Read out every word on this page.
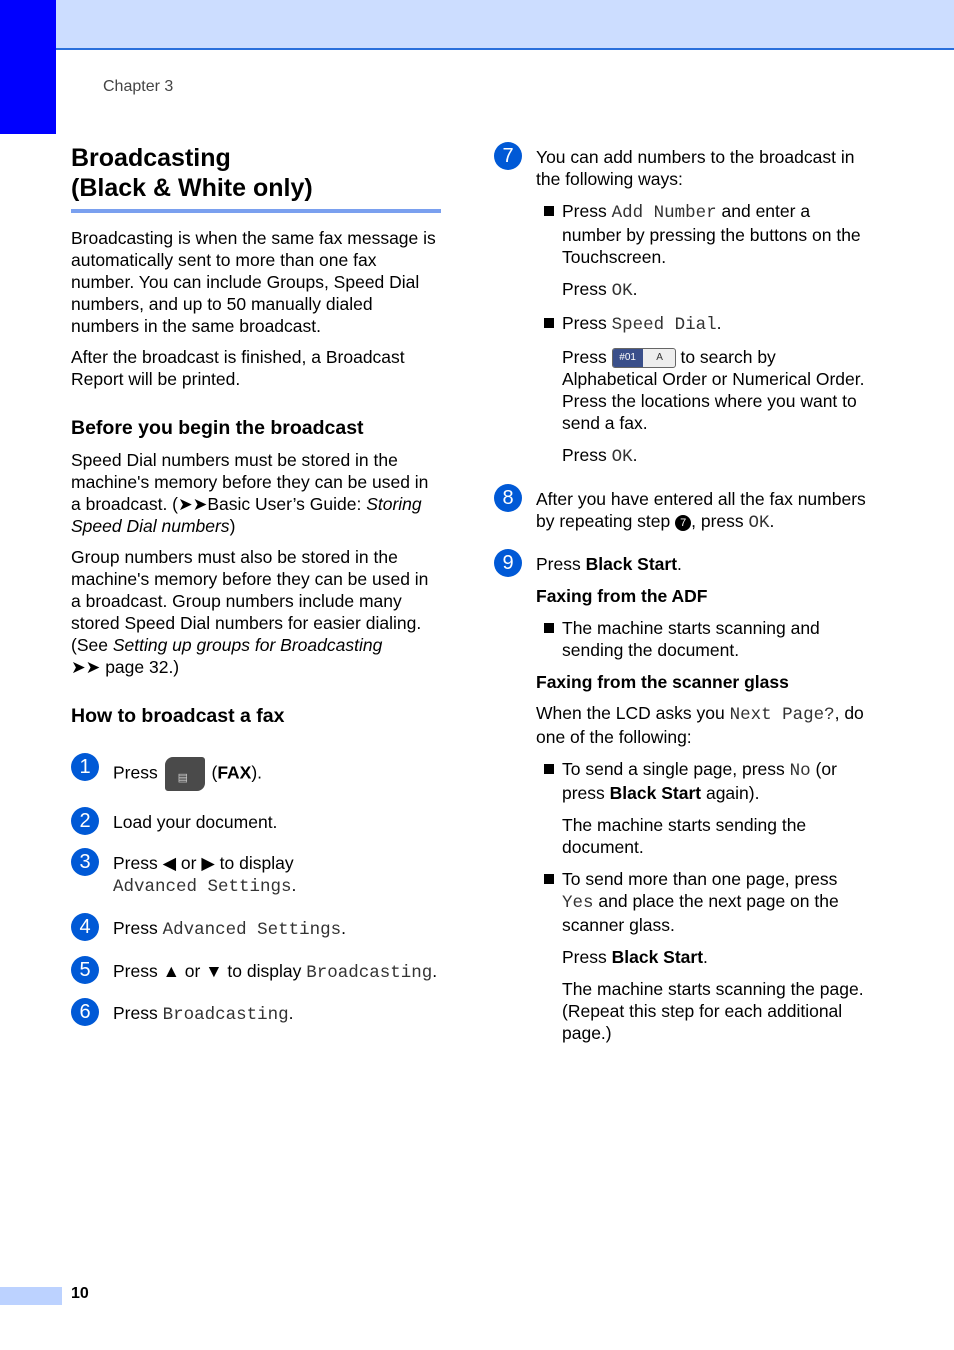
Chapter 3
Broadcasting
(Black & White only)

Broadcasting is when the same fax message is automatically sent to more than one fax number. You can include Groups, Speed Dial numbers, and up to 50 manually dialed numbers in the same broadcast.

After the broadcast is finished, a Broadcast Report will be printed.

Before you begin the broadcast

Speed Dial numbers must be stored in the machine's memory before they can be used in a broadcast. (➤➤Basic User’s Guide: Storing Speed Dial numbers)

Group numbers must also be stored in the machine's memory before they can be used in a broadcast. Group numbers include many stored Speed Dial numbers for easier dialing. (See Setting up groups for Broadcasting
➤➤ page 32.)

How to broadcast a fax
1	Press ▤ (FAX).
2	Load your document.
3	Press ◀ or ▶ to display
Advanced Settings.
4	Press Advanced Settings.
5	Press ▲ or ▼ to display Broadcasting.
6	Press Broadcasting.
7	You can add numbers to the broadcast in the following ways:

Press Add Number and enter a number by pressing the buttons on the Touchscreen.

Press OK.

Press Speed Dial.

Press #01	A to search by Alphabetical Order or Numerical Order. Press the locations where you want to send a fax.

Press OK.

8	After you have entered all the fax numbers by repeating step 7 , press OK.
9	Press Black Start.

Faxing from the ADF
The machine starts scanning and sending the document.
Faxing from the scanner glass

When the LCD asks you Next Page?, do one of the following:

To send a single page, press No (or press Black Start again).

The machine starts sending the document.

To send more than one page, press Yes and place the next page on the scanner glass.

Press Black Start.

The machine starts scanning the page. (Repeat this step for each additional page.)

10
